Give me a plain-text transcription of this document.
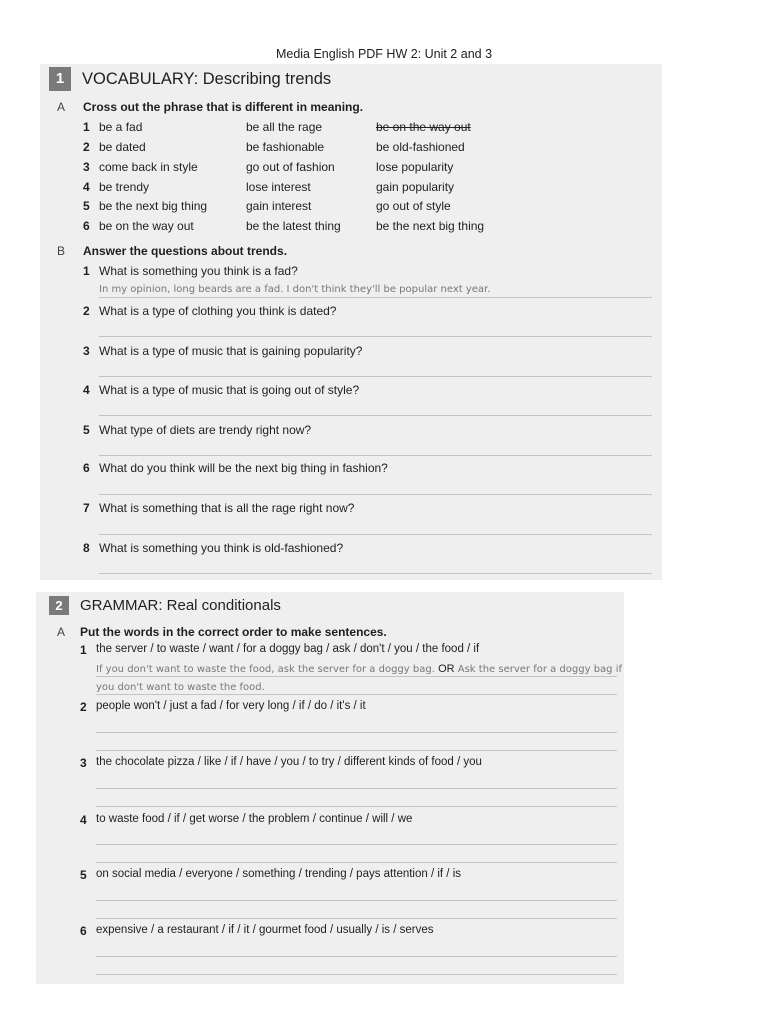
Media English PDF HW 2: Unit 2 and 3
1	VOCABULARY: Describing trends
A Cross out the phrase that is different in meaning.
1 be a fad	be all the rage	be on the way out
2 be dated	be fashionable	be old-fashioned
3 come back in style	go out of fashion	lose popularity
4 be trendy	lose interest	gain popularity
5 be the next big thing	gain interest	go out of style
6 be on the way out	be the latest thing	be the next big thing
B Answer the questions about trends.
1 What is something you think is a fad?
In my opinion, long beards are a fad. I don't think they'll be popular next year.
2 What is a type of clothing you think is dated?
3 What is a type of music that is gaining popularity?
4 What is a type of music that is going out of style?
5 What type of diets are trendy right now?
6 What do you think will be the next big thing in fashion?
7 What is something that is all the rage right now?
8 What is something you think is old-fashioned?
2	GRAMMAR: Real conditionals
A Put the words in the correct order to make sentences.
1 the server / to waste / want / for a doggy bag / ask / don't / you / the food / if
If you don't want to waste the food, ask the server for a doggy bag. OR Ask the server for a doggy bag if
you don't want to waste the food.
2 people won't / just a fad / for very long / if / do / it's / it
3 the chocolate pizza / like / if / have / you / to try / different kinds of food / you
4 to waste food / if / get worse / the problem / continue / will / we
5 on social media / everyone / something / trending / pays attention / if / is
6 expensive / a restaurant / if / it / gourmet food / usually / is / serves
